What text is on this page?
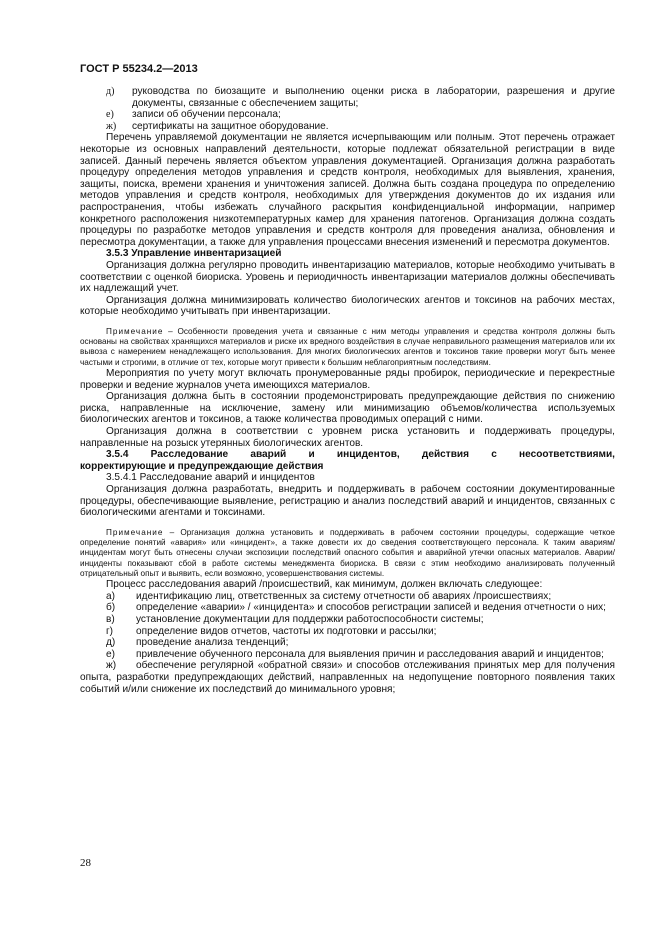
ГОСТ Р 55234.2—2013
д)	руководства по биозащите и выполнению оценки риска в лаборатории, разрешения и другие документы, связанные с обеспечением защиты;

е)	записи об обучении персонала;

ж)	сертификаты на защитное оборудование.

Перечень управляемой документации не является исчерпывающим или полным. Этот перечень отражает некоторые из основных направлений деятельности, которые подлежат обязательной регистрации в виде записей. Данный перечень является объектом управления документацией. Организация должна разработать процедуру определения методов управления и средств контроля, необходимых для выявления, хранения, защиты, поиска, времени хранения и уничтожения записей. Должна быть создана процедура по определению методов управления и средств контроля, необходимых для утверждения документов до их издания или распространения, чтобы избежать случайного раскрытия конфиденциальной информации, например конкретного расположения низкотемпературных камер для хранения патогенов. Организация должна создать процедуры по разработке методов управления и средств контроля для проведения анализа, обновления и пересмотра документации, а также для управления процессами внесения изменений и пересмотра документов.

3.5.3 Управление инвентаризацией

Организация должна регулярно проводить инвентаризацию материалов, которые необходимо учитывать в соответствии с оценкой биориска. Уровень и периодичность инвентаризации материалов должны обеспечивать их надлежащий учет.

Организация должна минимизировать количество биологических агентов и токсинов на рабочих местах, которые необходимо учитывать при инвентаризации.

Примечание – Особенности проведения учета и связанные с ним методы управления и средства контроля должны быть основаны на свойствах хранящихся материалов и риске их вредного воздействия в случае неправильного размещения материалов или их вывоза с намерением ненадлежащего использования. Для многих биологических агентов и токсинов такие проверки могут быть менее частыми и строгими, в отличие от тех, которые могут привести к большим неблагоприятным последствиям.

Мероприятия по учету могут включать пронумерованные ряды пробирок, периодические и перекрестные проверки и ведение журналов учета имеющихся материалов.

Организация должна быть в состоянии продемонстрировать предупреждающие действия по снижению риска, направленные на исключение, замену или минимизацию объемов/количества используемых биологических агентов и токсинов, а также количества проводимых операций с ними.

Организация должна в соответствии с уровнем риска установить и поддерживать процедуры, направленные на розыск утерянных биологических агентов.

3.5.4 Расследование аварий и инцидентов, действия с несоответствиями,

корректирующие и предупреждающие действия

3.5.4.1 Расследование аварий и инцидентов

Организация должна разработать, внедрить и поддерживать в рабочем состоянии документированные процедуры, обеспечивающие выявление, регистрацию и анализ последствий аварий и инцидентов, связанных с биологическими агентами и токсинами.

Примечание – Организация должна установить и поддерживать в рабочем состоянии процедуры, содержащие четкое определение понятий «авария» или «инцидент», а также довести их до сведения соответствующего персонала. К таким авариям/инцидентам могут быть отнесены случаи экспозиции последствий опасного события и аварийной утечки опасных материалов. Аварии/инциденты показывают сбой в работе системы менеджмента биориска. В связи с этим необходимо анализировать полученный отрицательный опыт и выявить, если возможно, усовершенствования системы.

Процесс расследования аварий /происшествий, как минимум, должен включать следующее:

а) идентификацию лиц, ответственных за систему отчетности об авариях /происшествиях;

б) определение «аварии» / «инцидента» и способов регистрации записей и ведения отчетности о них;

в) установление документации для поддержки работоспособности системы;

г) определение видов отчетов, частоты их подготовки и рассылки;

д) проведение анализа тенденций;

е) привлечение обученного персонала для выявления причин и расследования аварий и инцидентов;

ж) обеспечение регулярной «обратной связи» и способов отслеживания принятых мер для получения опыта, разработки предупреждающих действий, направленных на недопущение повторного появления таких событий и/или снижение их последствий до минимального уровня;

28
